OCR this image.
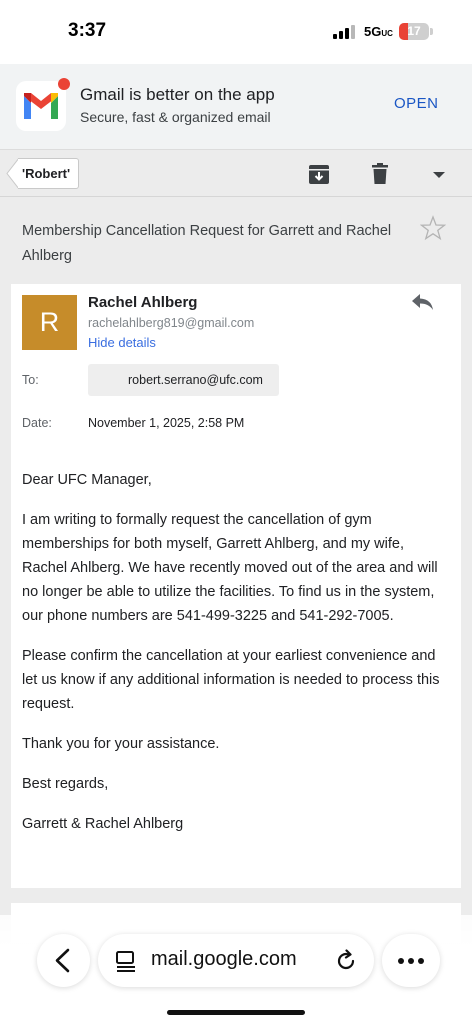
3:37	5GUC	17
Gmail is better on the app
Secure, fast & organized email
OPEN
'Robert'
Membership Cancellation Request for Garrett and Rachel Ahlberg
R
Rachel Ahlberg
rachelahlberg819@gmail.com
Hide details
To:	robert.serrano@ufc.com
Date:	November 1, 2025, 2:58 PM

Dear UFC Manager,

I am writing to formally request the cancellation of gym memberships for both myself, Garrett Ahlberg, and my wife, Rachel Ahlberg. We have recently moved out of the area and will no longer be able to utilize the facilities. To find us in the system, our phone numbers are 541-499-3225 and 541-292-7005.

Please confirm the cancellation at your earliest convenience and let us know if any additional information is needed to process this request.

Thank you for your assistance.

Best regards,

Garrett & Rachel Ahlberg

mail.google.com
